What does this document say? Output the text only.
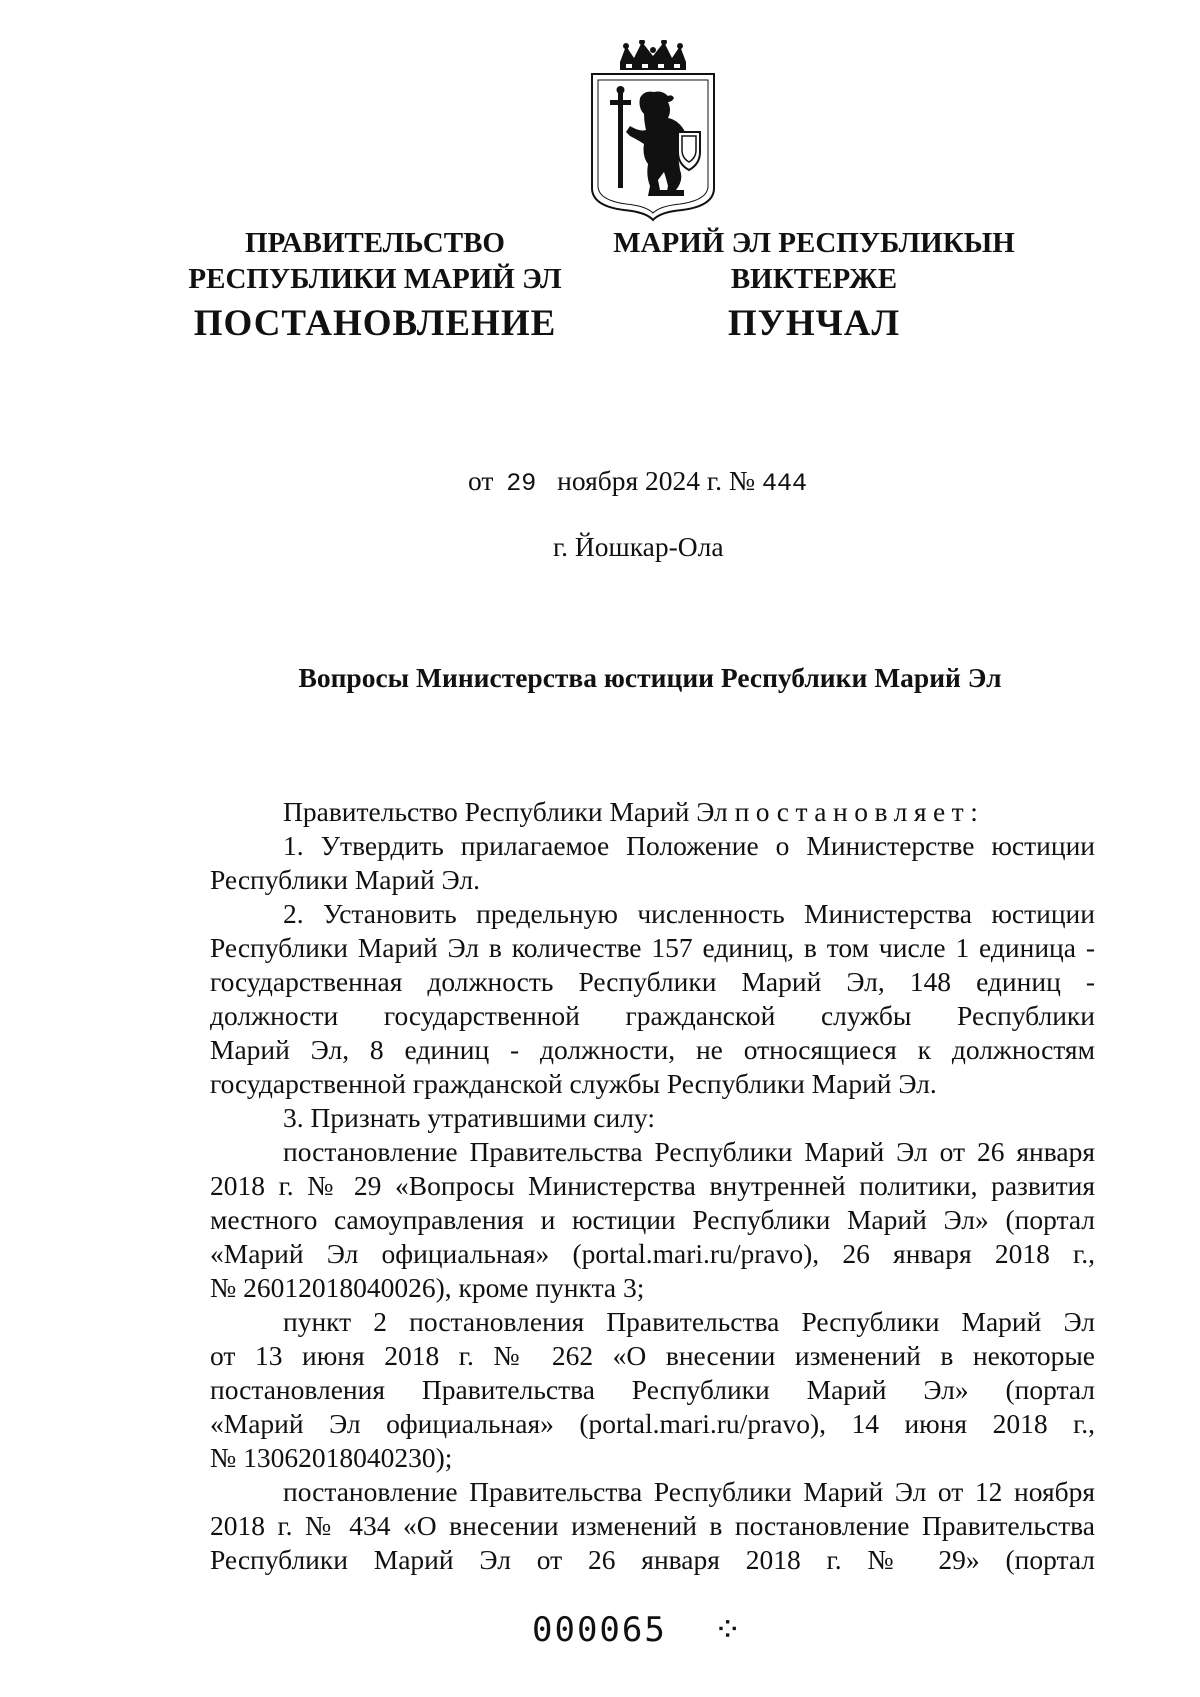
ПРАВИТЕЛЬСТВО
РЕСПУБЛИКИ МАРИЙ ЭЛ
ПОСТАНОВЛЕНИЕ
МАРИЙ ЭЛ РЕСПУБЛИКЫН
ВИКТЕРЖЕ
ПУНЧАЛ
от 29 ноября 2024 г. № 444
г. Йошкар-Ола
Вопросы Министерства юстиции Республики Марий Эл
Правительство Республики Марий Эл постановляет:
1. Утвердить прилагаемое Положение о Министерстве юстиции
Республики Марий Эл.
2. Установить предельную численность Министерства юстиции
Республики Марий Эл в количестве 157 единиц, в том числе 1 единица -
государственная должность Республики Марий Эл, 148 единиц -
должности государственной гражданской службы Республики
Марий Эл, 8 единиц - должности, не относящиеся к должностям
государственной гражданской службы Республики Марий Эл.
3. Признать утратившими силу:
постановление Правительства Республики Марий Эл от 26 января
2018 г. № 29 «Вопросы Министерства внутренней политики, развития
местного самоуправления и юстиции Республики Марий Эл» (портал
«Марий Эл официальная» (portal.mari.ru/pravo), 26 января 2018 г.,
№ 26012018040026), кроме пункта 3;
пункт 2 постановления Правительства Республики Марий Эл
от 13 июня 2018 г. № 262 «О внесении изменений в некоторые
постановления Правительства Республики Марий Эл» (портал
«Марий Эл официальная» (portal.mari.ru/pravo), 14 июня 2018 г.,
№ 13062018040230);
постановление Правительства Республики Марий Эл от 12 ноября
2018 г. № 434 «О внесении изменений в постановление Правительства
Республики Марий Эл от 26 января 2018 г. № 29» (портал
000065 ⁘
